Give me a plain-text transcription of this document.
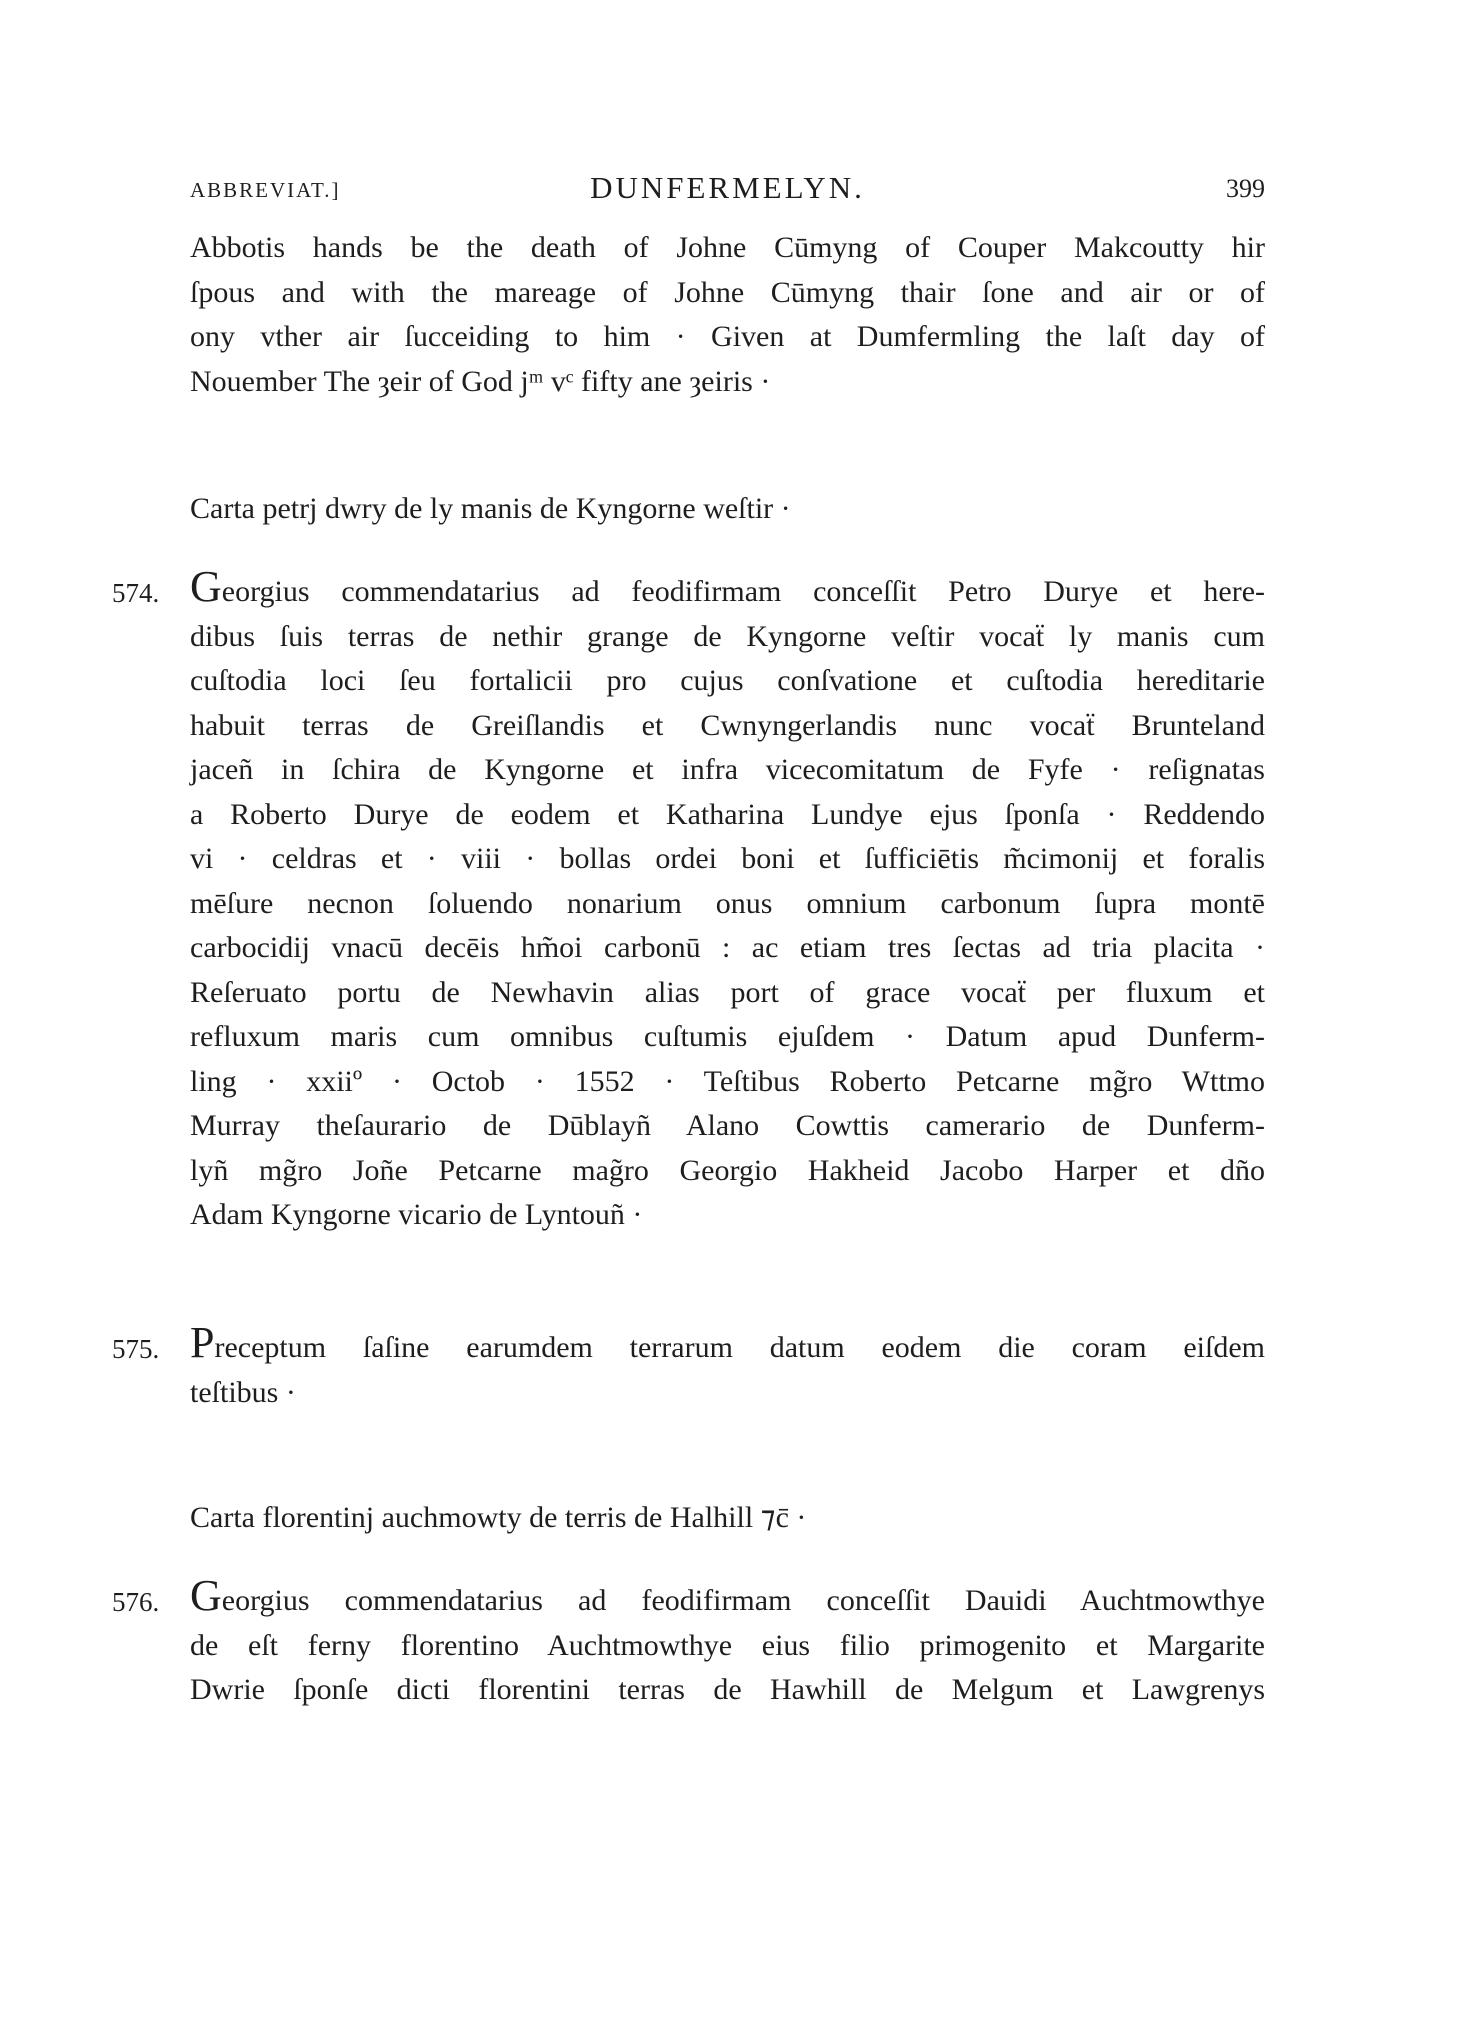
ABBREVIAT.]	DUNFERMELYN.	399
Abbotis hands be the death of Johne Cūmyng of Couper Makcoutty hir
ſpous and with the mareage of Johne Cūmyng thair ſone and air or of
ony vther air ſucceiding to him · Given at Dumfermling the laſt day of
Nouember The ȝeir of God jᵐ vᶜ fifty ane ȝeiris ·
Carta petrj dwry de ly manis de Kyngorne weſtir ·
574. Georgius commendatarius ad feodifirmam conceſſit Petro Durye et here-
dibus ſuis terras de nethir grange de Kyngorne veſtir vocaẗ ly manis cum
cuſtodia loci ſeu fortalicii pro cujus conſvatione et cuſtodia hereditarie
habuit terras de Greiſlandis et Cwnyngerlandis nunc vocaẗ Brunteland
jaceñ in ſchira de Kyngorne et infra vicecomitatum de Fyfe · reſignatas
a Roberto Durye de eodem et Katharina Lundye ejus ſponſa · Reddendo
vi · celdras et · viii · bollas ordei boni et ſufficiētis m̃cimonij et foralis
mēſure necnon ſoluendo nonarium onus omnium carbonum ſupra montē
carbocidij vnacū decēis hm̃oi carbonū : ac etiam tres ſectas ad tria placita ·
Reſeruato portu de Newhavin alias port of grace vocaẗ per fluxum et
refluxum maris cum omnibus cuſtumis ejuſdem · Datum apud Dunferm-
ling · xxiiº · Octob · 1552 · Teſtibus Roberto Petcarne mg̃ro Wttmo
Murray theſaurario de Dūblayñ Alano Cowttis camerario de Dunferm-
lyñ mg̃ro Joñe Petcarne mag̃ro Georgio Hakheid Jacobo Harper et dño
Adam Kyngorne vicario de Lyntouñ ·
575. Preceptum ſaſine earumdem terrarum datum eodem die coram eiſdem
teſtibus ·
Carta florentinj auchmowty de terris de Halhill ⁊c̄ ·
576. Georgius commendatarius ad feodifirmam conceſſit Dauidi Auchtmowthye
de eſt ferny florentino Auchtmowthye eius filio primogenito et Margarite
Dwrie ſponſe dicti florentini terras de Hawhill de Melgum et Lawgrenys
